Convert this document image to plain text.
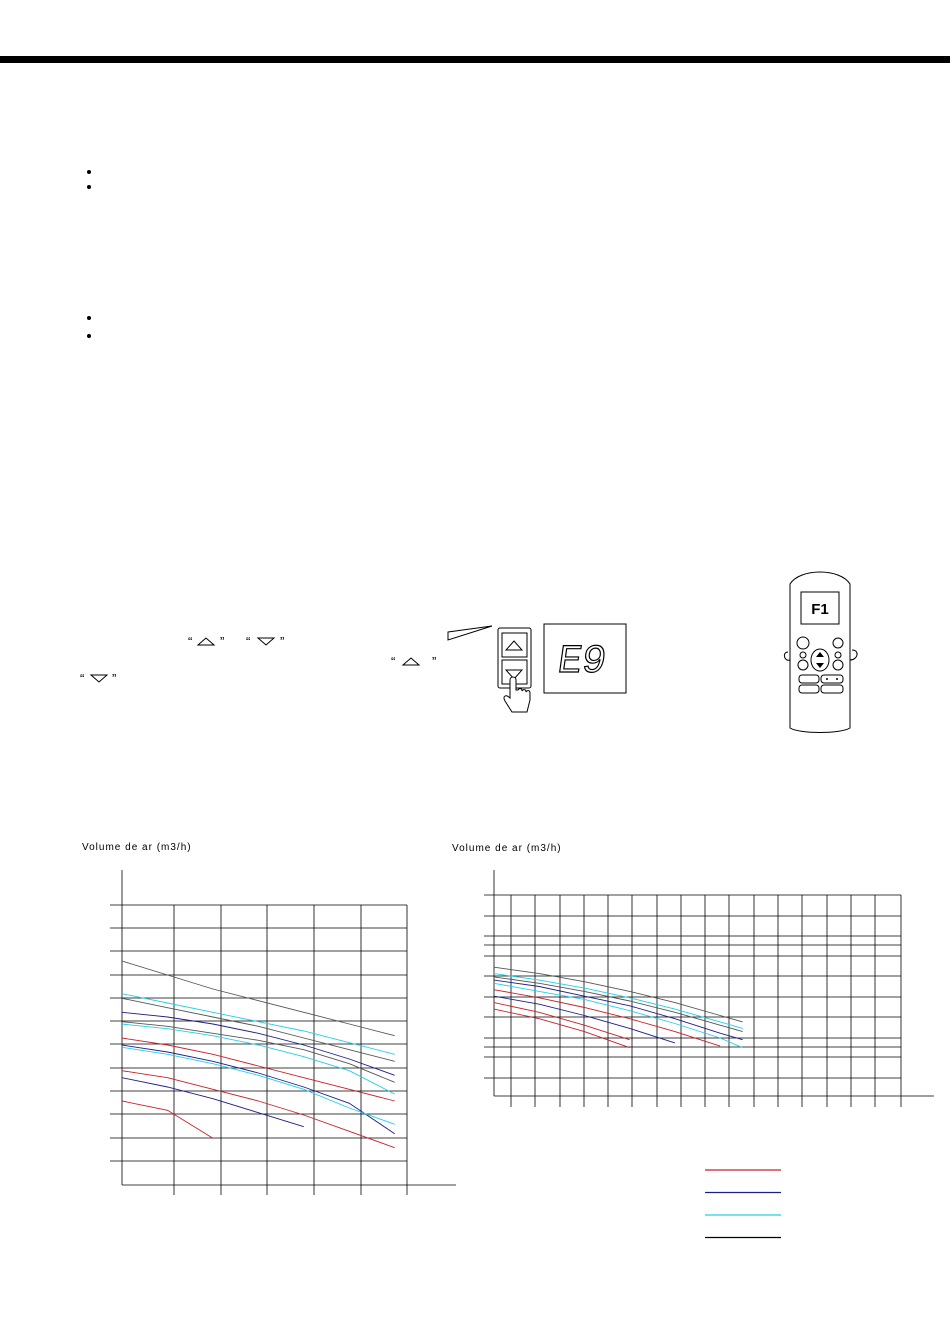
“ ” “ ”
“	”
“ ”	E9
F1
Volume de ar (m3/h)	Volume de ar (m3/h)
